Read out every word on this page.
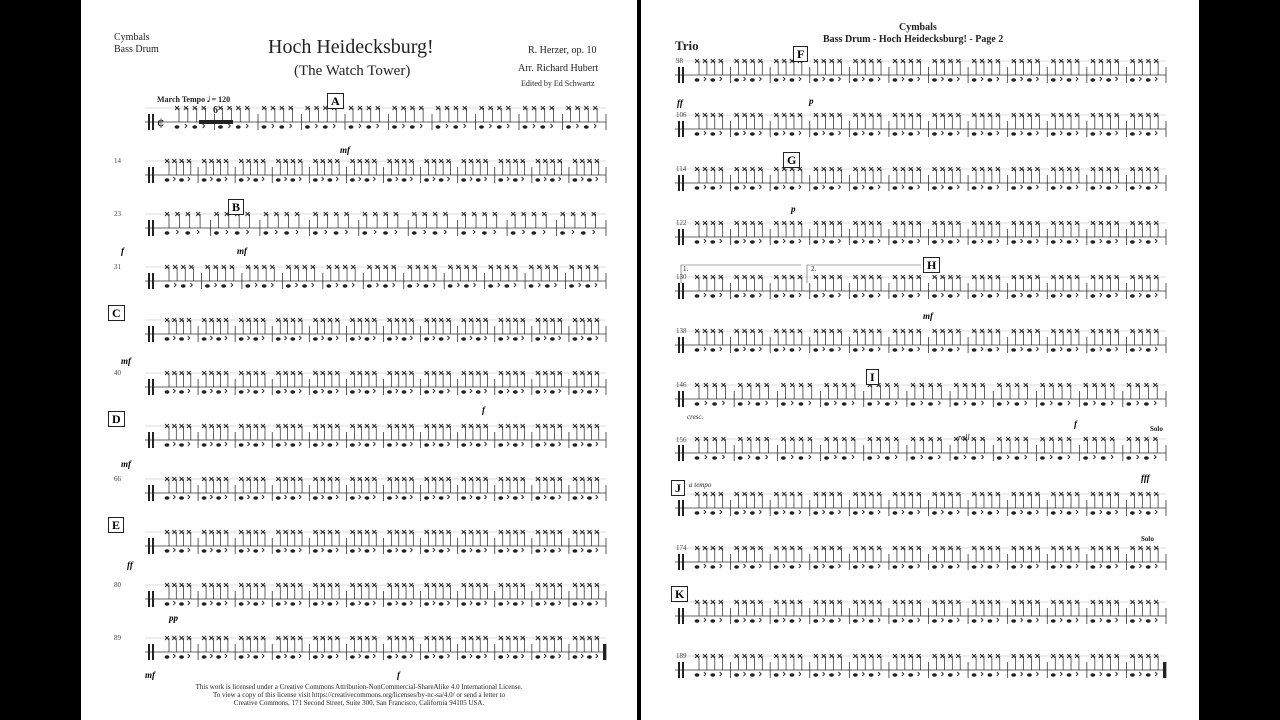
¢
Cymbals
Bass Drum	Hoch Heidecksburg!
(The Watch Tower)
R. Herzer, op. 10
Arr. Richard Hubert
Edited by Ed Schwartz
March Tempo 𝅗𝅥 = 120
6
A
B
C
D
E
14
23
31
40
66
80
89
mf
f	mf
mf
f
mf
ff
pp
mf	f
This work is licensed under a Creative Commons Attribution-NonCommercial-ShareAlike 4.0 International License.
To view a copy of this license visit https://creativecommons.org/licenses/by-nc-sa/4.0/ or send a letter to
Creative Commons, 171 Second Street, Suite 300, San Francisco, California 94105 USA.
Cymbals
Bass Drum - Hoch Heidecksburg! - Page 2
Trio
F
G
H
I
J
K
98
106
114
122
130
138
146
156
174
189
ff	p
p
mf
f
fff
cresc.
rall
a tempo
Solo
Solo
1.	2.
